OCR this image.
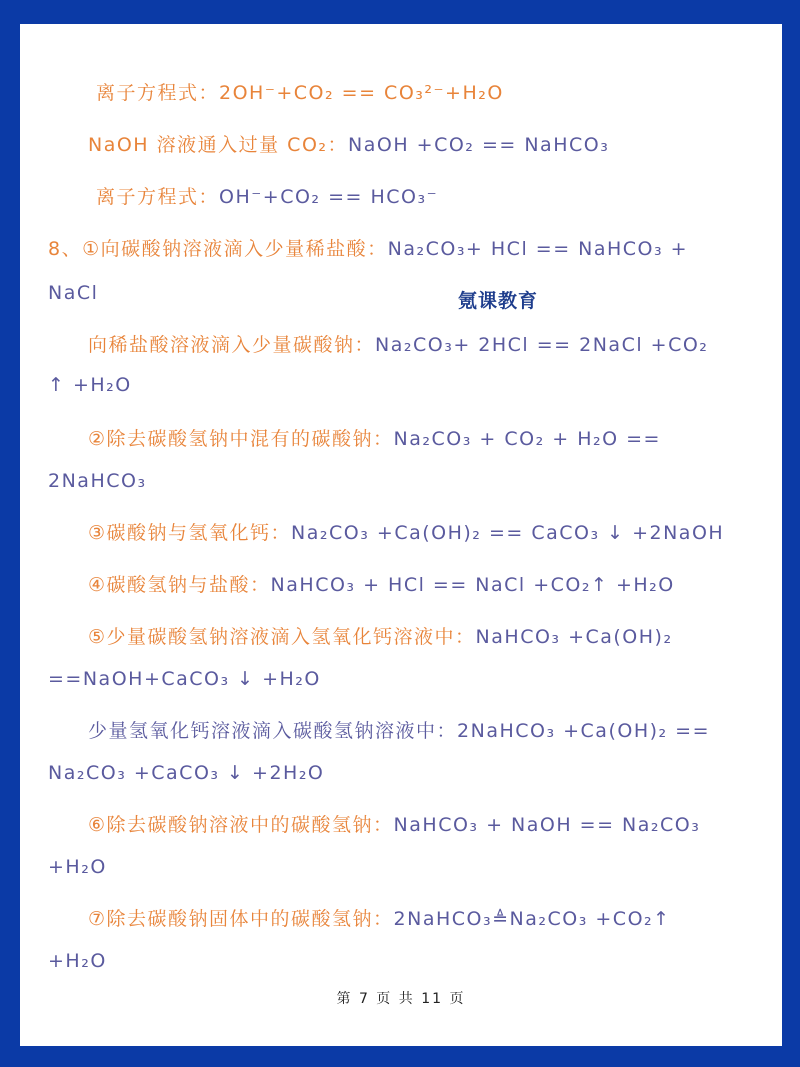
离子方程式：2OH⁻+CO₂ == CO₃²⁻+H₂O
NaOH 溶液通入过量 CO₂：NaOH +CO₂ == NaHCO₃
离子方程式：OH⁻+CO₂ == HCO₃⁻
8、①向碳酸钠溶液滴入少量稀盐酸：Na₂CO₃+ HCl == NaHCO₃ +
NaCl	氪课教育
向稀盐酸溶液滴入少量碳酸钠：Na₂CO₃+ 2HCl == 2NaCl +CO₂
↑ +H₂O
②除去碳酸氢钠中混有的碳酸钠：Na₂CO₃ + CO₂ + H₂O ==
2NaHCO₃
③碳酸钠与氢氧化钙：Na₂CO₃ +Ca(OH)₂ == CaCO₃ ↓ +2NaOH
④碳酸氢钠与盐酸：NaHCO₃ + HCl == NaCl +CO₂↑ +H₂O
⑤少量碳酸氢钠溶液滴入氢氧化钙溶液中：NaHCO₃ +Ca(OH)₂
==NaOH+CaCO₃ ↓ +H₂O
少量氢氧化钙溶液滴入碳酸氢钠溶液中：2NaHCO₃ +Ca(OH)₂ ==
Na₂CO₃ +CaCO₃ ↓ +2H₂O
⑥除去碳酸钠溶液中的碳酸氢钠：NaHCO₃ + NaOH == Na₂CO₃
+H₂O
⑦除去碳酸钠固体中的碳酸氢钠：2NaHCO₃≜Na₂CO₃ +CO₂↑
+H₂O
第 7 页 共 11 页
